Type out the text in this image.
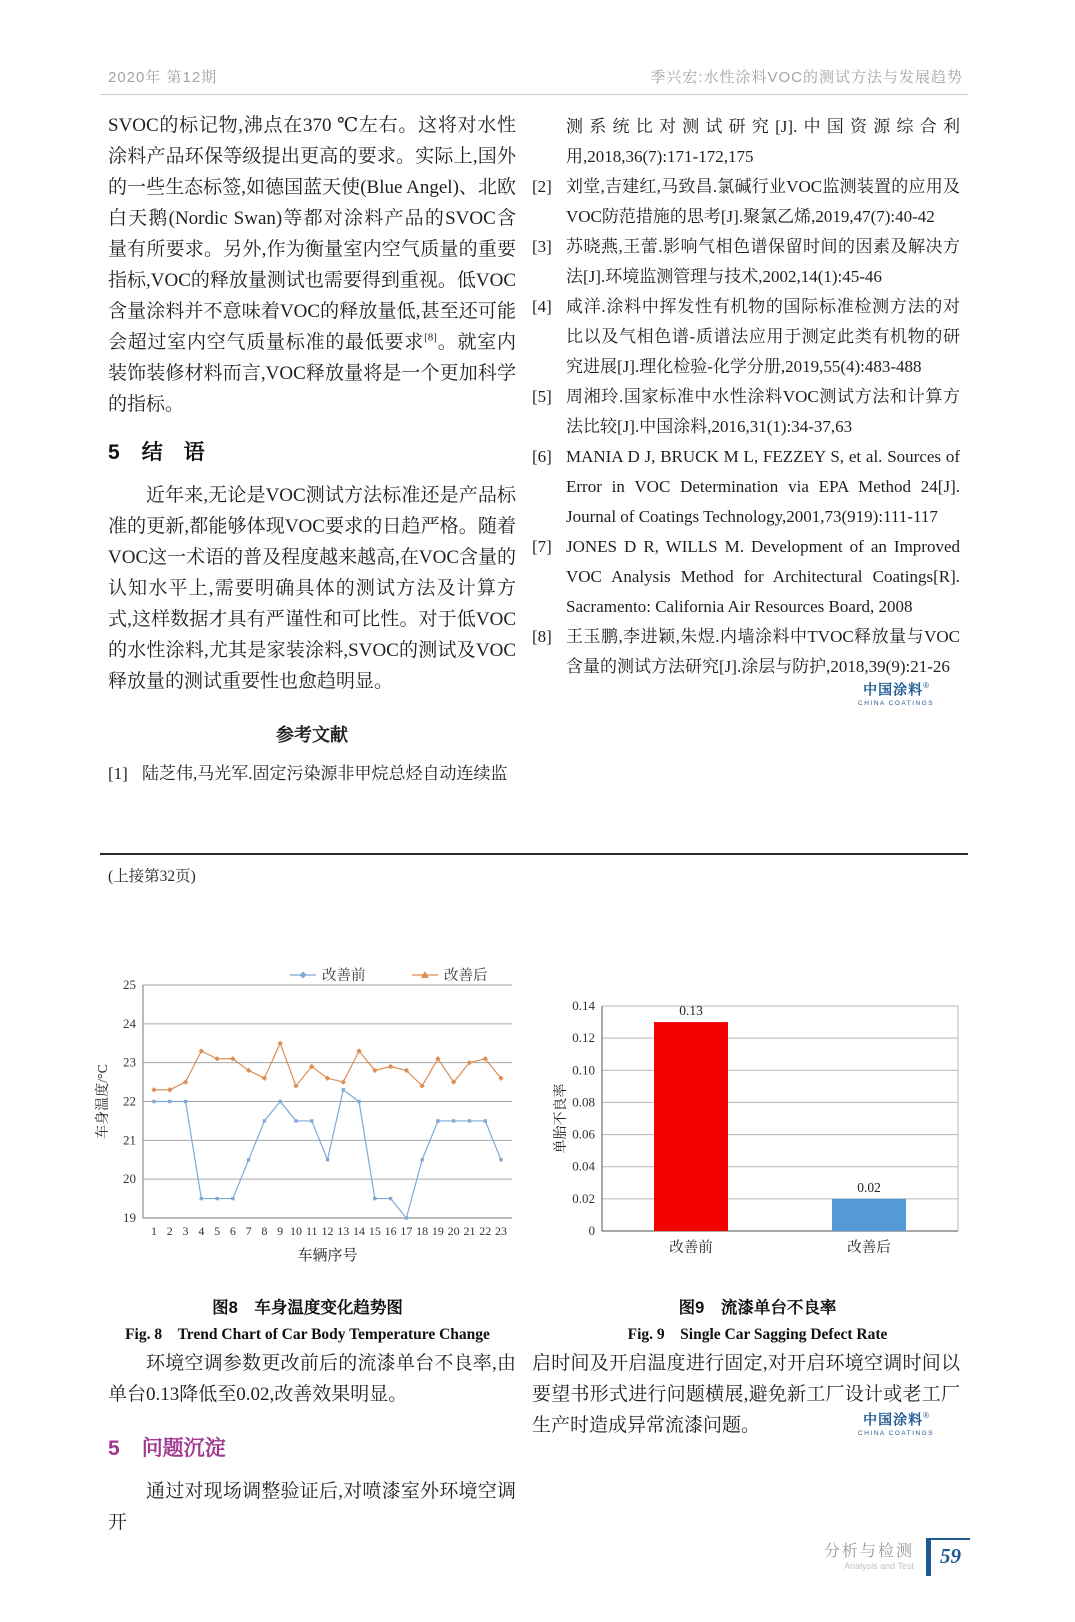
2020年 第12期	季兴宏:水性涂料VOC的测试方法与发展趋势

SVOC的标记物,沸点在370 ℃左右。这将对水性涂料产品环保等级提出更高的要求。实际上,国外的一些生态标签,如德国蓝天使(Blue Angel)、北欧白天鹅(Nordic Swan)等都对涂料产品的SVOC含量有所要求。另外,作为衡量室内空气质量的重要指标,VOC的释放量测试也需要得到重视。低VOC含量涂料并不意味着VOC的释放量低,甚至还可能会超过室内空气质量标准的最低要求[8]。就室内装饰装修材料而言,VOC释放量将是一个更加科学的指标。

5 结　语

近年来,无论是VOC测试方法标准还是产品标准的更新,都能够体现VOC要求的日趋严格。随着VOC这一术语的普及程度越来越高,在VOC含量的认知水平上,需要明确具体的测试方法及计算方式,这样数据才具有严谨性和可比性。对于低VOC的水性涂料,尤其是家装涂料,SVOC的测试及VOC释放量的测试重要性也愈趋明显。

参考文献
[1] 陆芝伟,马光军.固定污染源非甲烷总烃自动连续监
测系统比对测试研究[J].中国资源综合利用,2018,36(7):171-172,175
[2] 刘堂,吉建红,马致昌.氯碱行业VOC监测装置的应用及VOC防范措施的思考[J].聚氯乙烯,2019,47(7):40-42
[3] 苏晓燕,王蕾.影响气相色谱保留时间的因素及解决方法[J].环境监测管理与技术,2002,14(1):45-46
[4] 咸洋.涂料中挥发性有机物的国际标准检测方法的对比以及气相色谱-质谱法应用于测定此类有机物的研究进展[J].理化检验-化学分册,2019,55(4):483-488
[5] 周湘玲.国家标准中水性涂料VOC测试方法和计算方法比较[J].中国涂料,2016,31(1):34-37,63
[6] MANIA D J, BRUCK M L, FEZZEY S, et al. Sources of Error in VOC Determination via EPA Method 24[J]. Journal of Coatings Technology,2001,73(919):111-117
[7] JONES D R, WILLS M. Development of an Improved VOC Analysis Method for Architectural Coatings[R]. Sacramento: California Air Resources Board, 2008
[8] 王玉鹏,李进颖,朱煜.内墙涂料中TVOC释放量与VOC含量的测试方法研究[J].涂层与防护,2018,39(9):21-26
中国涂料®
CHINA COATINGS
(上接第32页)
19
20
21
22
23
24
25
1 2 3 4 5 6 7 8 9 10 11 12 13 14 15 16 17 18 19 20 21 22 23
车辆序号
车身温度/°C
改善前	改善后
图8　车身温度变化趋势图
Fig. 8　Trend Chart of Car Body Temperature Change
0
0.02
0.04
0.06
0.08
0.10
0.12
0.14
单胎不良率
0.13
改善前
0.02
改善后
图9　流漆单台不良率
Fig. 9　Single Car Sagging Defect Rate

环境空调参数更改前后的流漆单台不良率,由单台0.13降低至0.02,改善效果明显。

5 问题沉淀

通过对现场调整验证后,对喷漆室外环境空调开

启时间及开启温度进行固定,对开启环境空调时间以要望书形式进行问题横展,避免新工厂设计或老工厂生产时造成异常流漆问题。	中国涂料®
CHINA COATINGS
分析与检测
Analysis and Test	59
